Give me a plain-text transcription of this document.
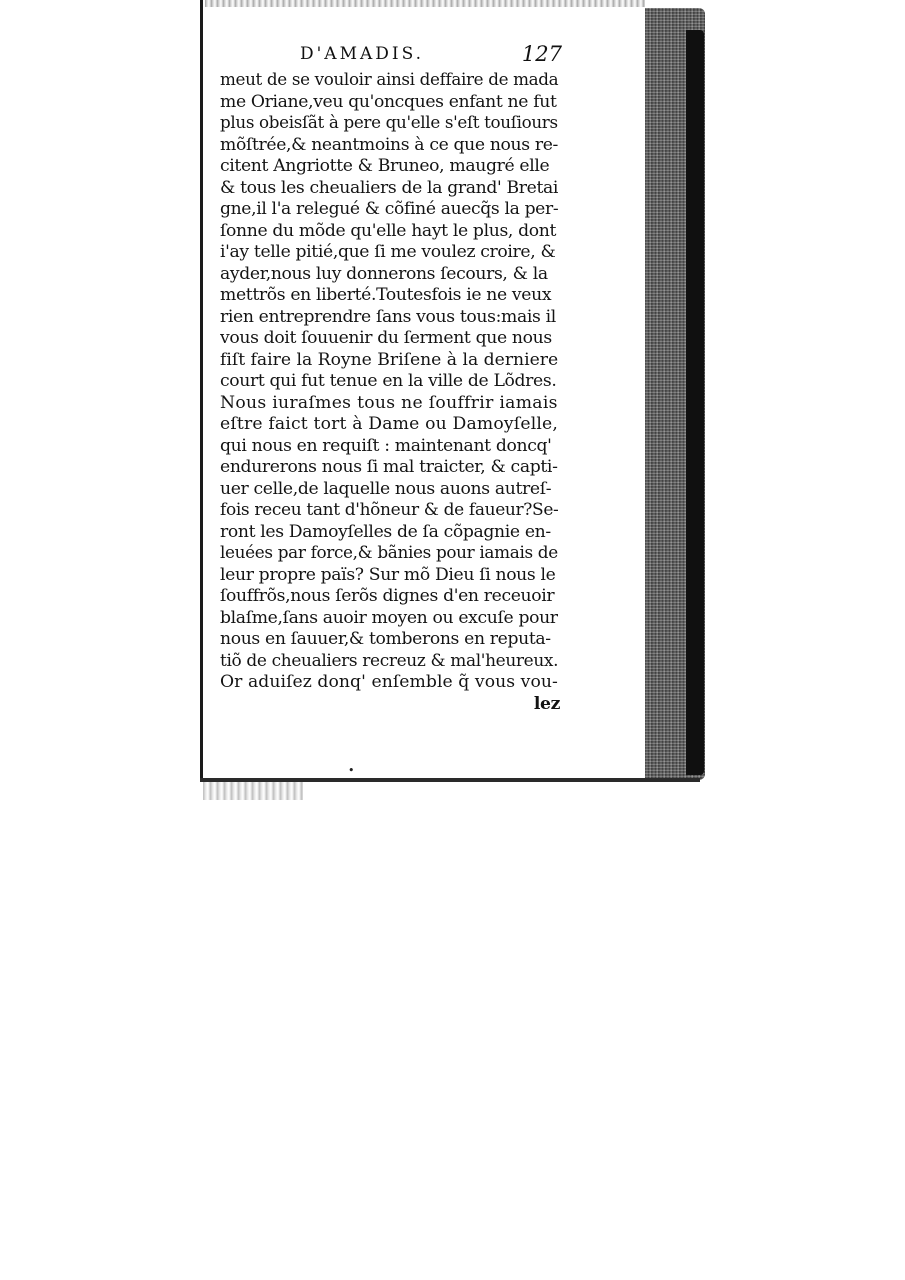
D'AMADIS.	127
meut de se vouloir ainsi deffaire de mada
me Oriane,veu qu'oncques enfant ne fut
plus obeisſãt à pere qu'elle s'eſt touſiours
mõſtrée,& neantmoins à ce que nous re-
citent Angriotte & Bruneo, maugré elle
& tous les cheualiers de la grand' Bretai
gne,il l'a relegué & cõfiné auecq̃s la per-
ſonne du mõde qu'elle hayt le plus, dont
i'ay telle pitié,que ſi me voulez croire, &
ayder,nous luy donnerons ſecours, & la
mettrõs en liberté.Toutesfois ie ne veux
rien entreprendre ſans vous tous:mais il
vous doit ſouuenir du ſerment que nous
fiſt faire la Royne Briſene à la derniere
court qui fut tenue en la ville de Lõdres.
Nous iuraſmes tous ne ſouffrir iamais
eſtre faict tort à Dame ou Damoyſelle,
qui nous en requiſt : maintenant doncq'
endurerons nous ſi mal traicter, & capti-
uer celle,de laquelle nous auons autreſ-
fois receu tant d'hõneur & de faueur?Se-
ront les Damoyſelles de ſa cõpagnie en-
leuées par force,& bãnies pour iamais de
leur propre païs? Sur mõ Dieu ſi nous le
ſouffrõs,nous ſerõs dignes d'en receuoir
blaſme,ſans auoir moyen ou excuſe pour
nous en ſauuer,& tomberons en reputa-
tiõ de cheualiers recreuz & mal'heureux.
Or aduiſez donq' enſemble q̃ vous vou-
lez
•
